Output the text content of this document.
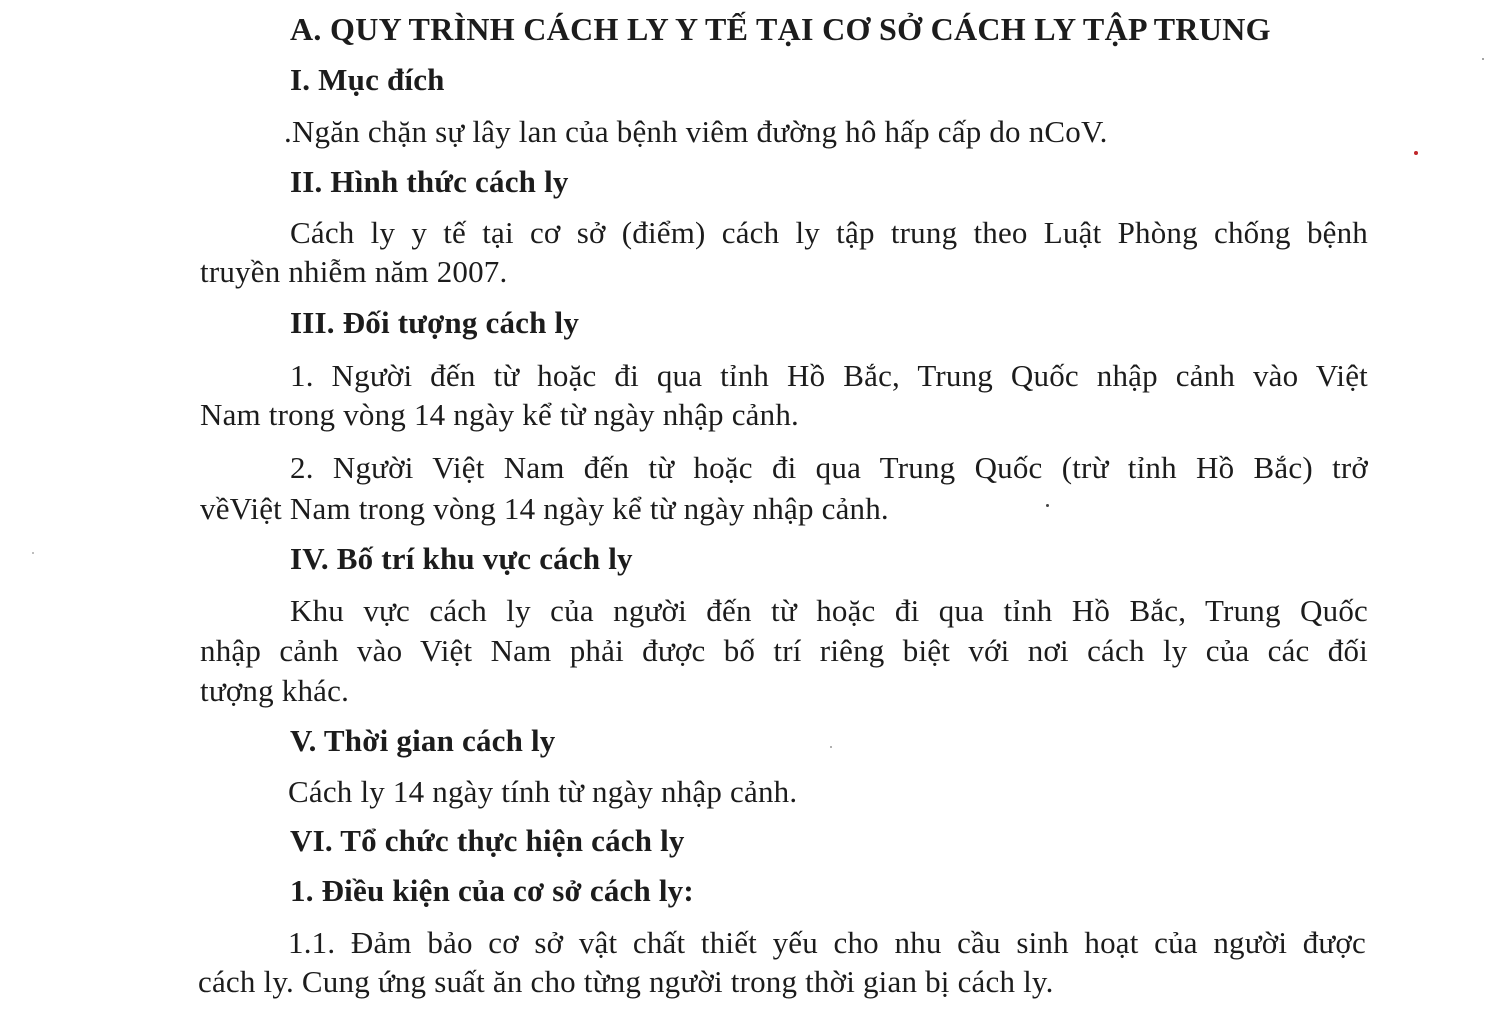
A. QUY TRÌNH CÁCH LY Y TẾ TẠI CƠ SỞ CÁCH LY TẬP TRUNG
I. Mục đích
.Ngăn chặn sự lây lan của bệnh viêm đường hô hấp cấp do nCoV.
II. Hình thức cách ly
Cách ly y tế tại cơ sở (điểm) cách ly tập trung theo Luật Phòng chống bệnh
truyền nhiễm năm 2007.
III. Đối tượng cách ly
1. Người đến từ hoặc đi qua tỉnh Hồ Bắc, Trung Quốc nhập cảnh vào Việt
Nam trong vòng 14 ngày kể từ ngày nhập cảnh.
2. Người Việt Nam đến từ hoặc đi qua Trung Quốc (trừ tỉnh Hồ Bắc) trở
vềViệt Nam trong vòng 14 ngày kể từ ngày nhập cảnh.
IV. Bố trí khu vực cách ly
Khu vực cách ly của người đến từ hoặc đi qua tỉnh Hồ Bắc, Trung Quốc
nhập cảnh vào Việt Nam phải được bố trí riêng biệt với nơi cách ly của các đối
tượng khác.
V. Thời gian cách ly
Cách ly 14 ngày tính từ ngày nhập cảnh.
VI. Tổ chức thực hiện cách ly
1. Điều kiện của cơ sở cách ly:
1.1. Đảm bảo cơ sở vật chất thiết yếu cho nhu cầu sinh hoạt của người được
cách ly. Cung ứng suất ăn cho từng người trong thời gian bị cách ly.
